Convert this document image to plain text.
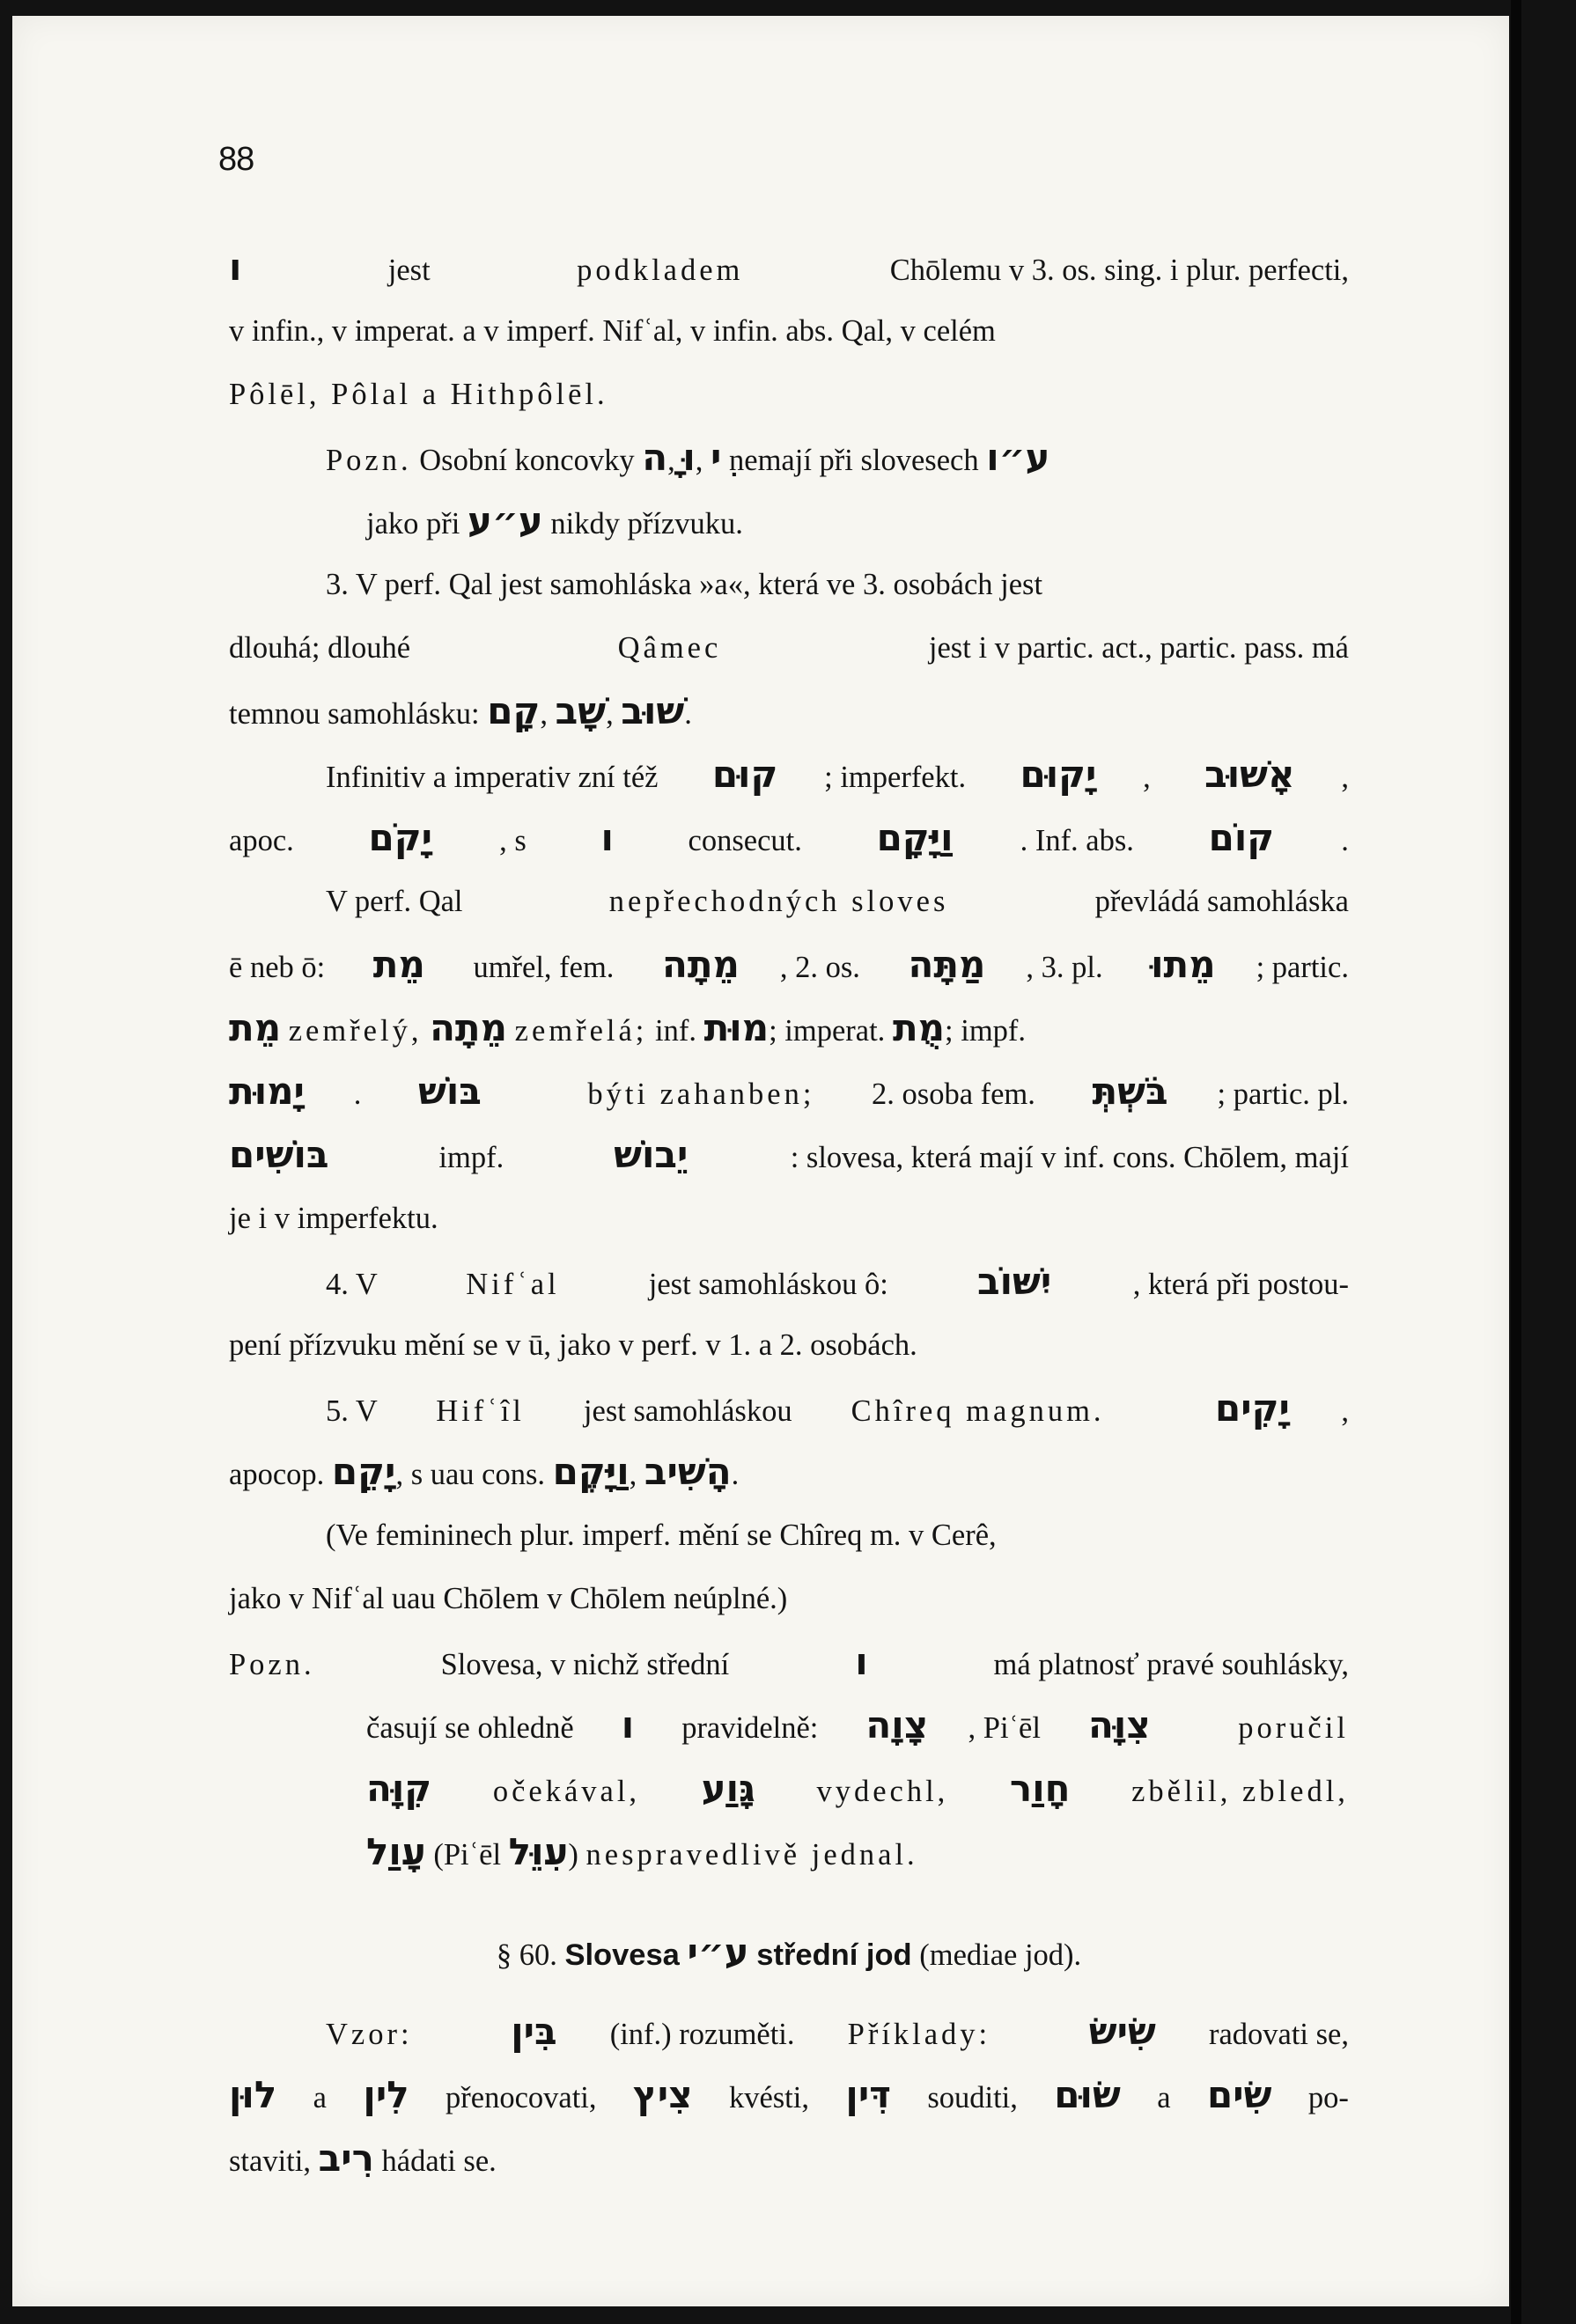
88
ו	jest	podkladem	Chōlemu v 3. os. sing. i plur. perfecti,
v infin., v imperat. a v imperf. Nifʿal, v infin. abs. Qal, v celém
Pôlēl, Pôlal a Hithpôlēl.
Pozn. Osobní koncovky ָה , וּ , ִי nemají při slovesech ע״ו
jako při ע״ע nikdy přízvuku.
3. V perf. Qal jest samohláska »a«, která ve 3. osobách jest
dlouhá; dlouhé	Qâmec	jest i v partic. act., partic. pass. má
temnou samohlásku: קָם , שָׁב , שׁוּב .
Infinitiv a imperativ zní též קוּם ; imperfekt. יָקוּם , אָשׁוּב ,
apoc. יָקֹם , s ו consecut. וַיָּקָם . Inf. abs. קוֹם .
V perf. Qal	nepřechodných sloves	převládá samohláska
ē neb ō: מֵת umřel, fem. מֵתָה , 2. os. מַתָּה , 3. pl. מֵתוּ ; partic.
מֵת
zemřelý,
מֵתָה
zemřelá; inf. מוּת ; imperat. מֻת ; impf.
יָמוּת . בּוֹשׁ
	býti zahanben; 2. osoba fem. בֹּשְׁתְּ ; partic. pl.
בּוֹשִׁים	impf.	יֵבוֹשׁ	: slovesa, která mají v inf. cons. Chōlem, mají
je i v imperfektu.
4. V	Nifʿal	jest samohláskou ô: יִשּׁוֹב	, která při postou-
pení přízvuku mění se v ū, jako v perf. v 1. a 2. osobách.
5. V Hifʿîl jest samohláskou Chîreq magnum.
	יָקִים ,
apocop. יָקֵם , s uau cons. וַיָּקֶם , הָשִׁיב .
(Ve femininech plur. imperf. mění se Chîreq m. v Cerê,
jako v Nifʿal uau Chōlem v Chōlem neúplné.)
Pozn.	Slovesa, v nichž střední	ו	má platnosť pravé souhlásky,
časují se ohledně ו pravidelně: צָוָה , Piʿēl צִוָּה
	poručil
קִוָּה
očekával,
גָּוַע
vydechl,
חָוַר
zbělil, zbledl,
עָוַל (Piʿēl עִוֵּל ) nespravedlivě jednal.
§ 60.
Slovesa
ע״י
střední jod
(mediae jod).
Vzor:
	בִּין (inf.) rozuměti. Příklady:
	שִׂישׂ radovati se,
לוּן a לִין přenocovati, צִיץ kvésti, דִּין souditi, שׂוּם a שִׂים po-
staviti, רִיב hádati se.
